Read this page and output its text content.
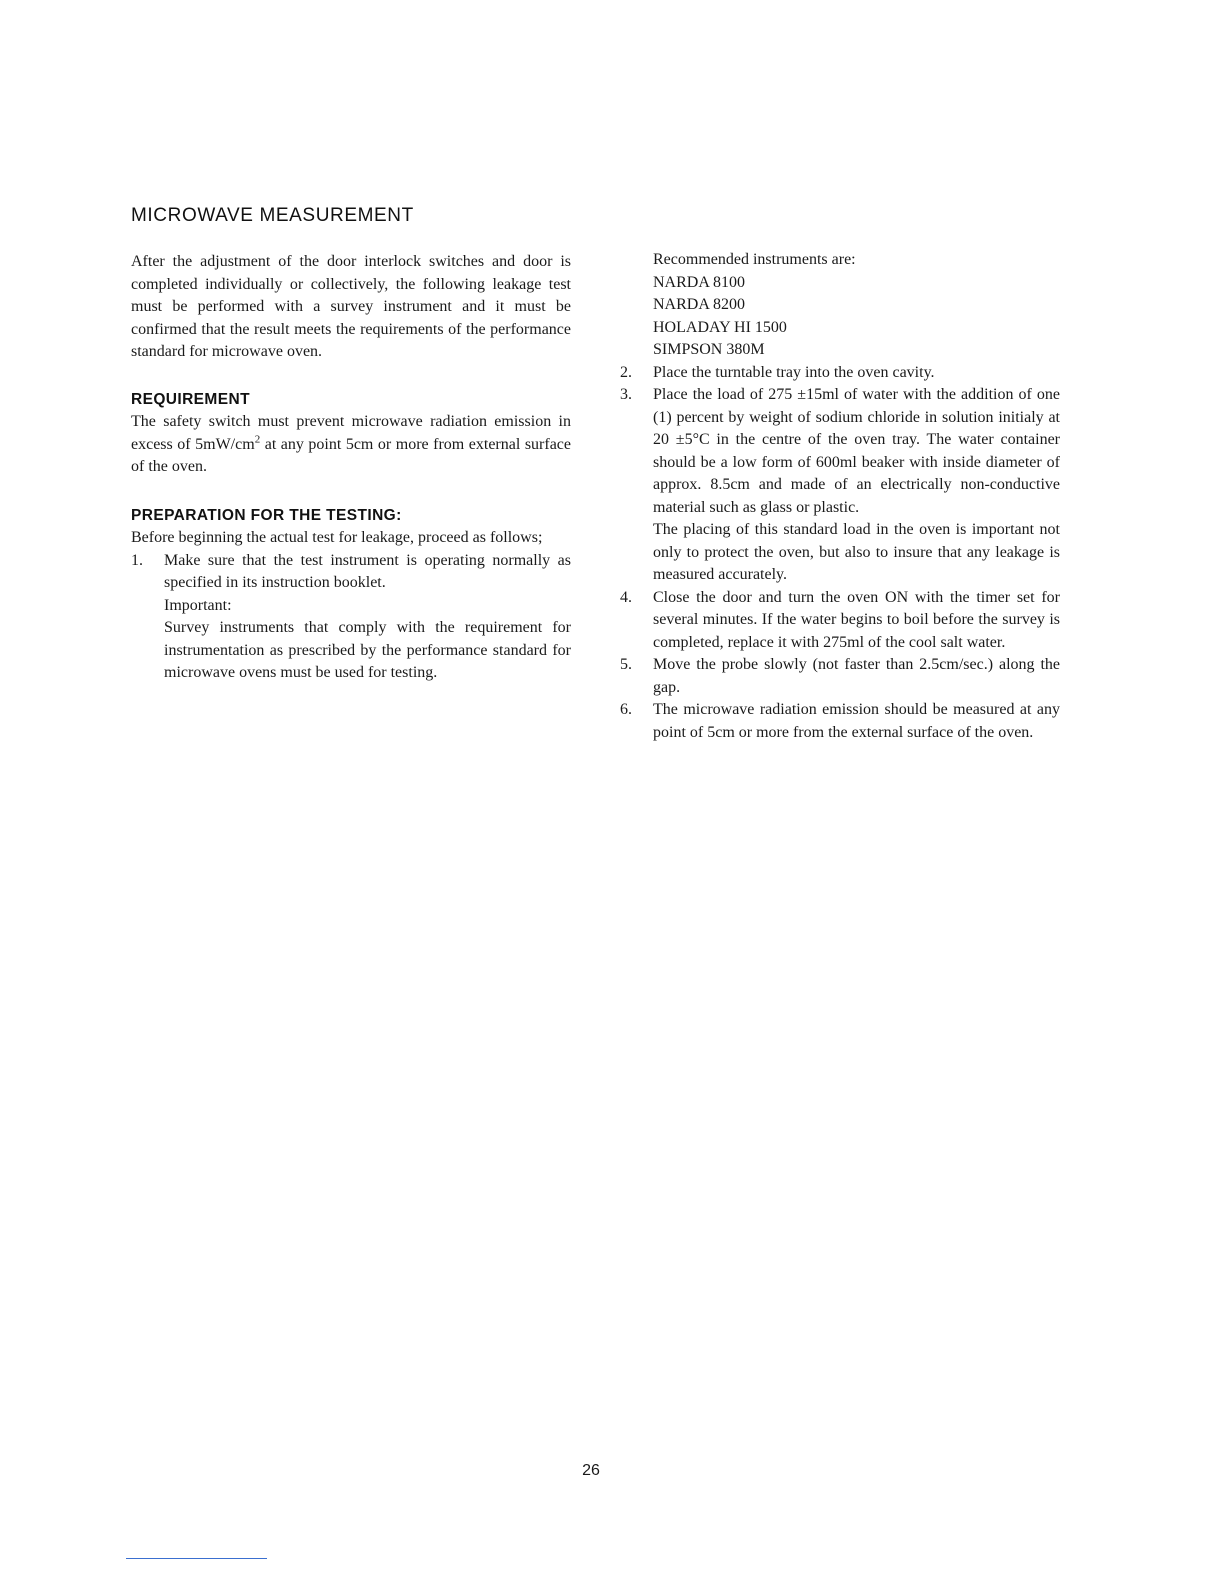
MICROWAVE MEASUREMENT

After the adjustment of the door interlock switches and door is completed individually or collectively, the following leakage test must be performed with a survey instrument and it must be confirmed that the result meets the requirements of the performance standard for microwave oven.

REQUIREMENT

The safety switch must prevent microwave radiation emission in excess of $5mW/cm^2$ at any point 5cm or more from external surface of the oven.

PREPARATION FOR THE TESTING:

Before beginning the actual test for leakage, proceed as follows;

1.	Make sure that the test instrument is operating normally as specified in its instruction booklet.

Important:

Survey instruments that comply with the requirement for instrumentation as prescribed by the performance standard for microwave ovens must be used for testing.

Recommended instruments are:
NARDA 8100
NARDA 8200
HOLADAY HI 1500
SIMPSON 380M
2.	Place the turntable tray into the oven cavity.
3.	Place the load of 275 ±15ml of water with the addition of one (1) percent by weight of sodium chloride in solution initialy at 20 ±5°C in the centre of the oven tray. The water container should be a low form of 600ml beaker with inside diameter of approx. 8.5cm and made of an electrically non-conductive material such as glass or plastic.

The placing of this standard load in the oven is important not only to protect the oven, but also to insure that any leakage is measured accurately.

4.	Close the door and turn the oven ON with the timer set for several minutes. If the water begins to boil before the survey is completed, replace it with 275ml of the cool salt water.
5.	Move the probe slowly (not faster than 2.5cm/sec.) along the gap.
6.	The microwave radiation emission should be measured at any point of 5cm or more from the external surface of the oven.
26
